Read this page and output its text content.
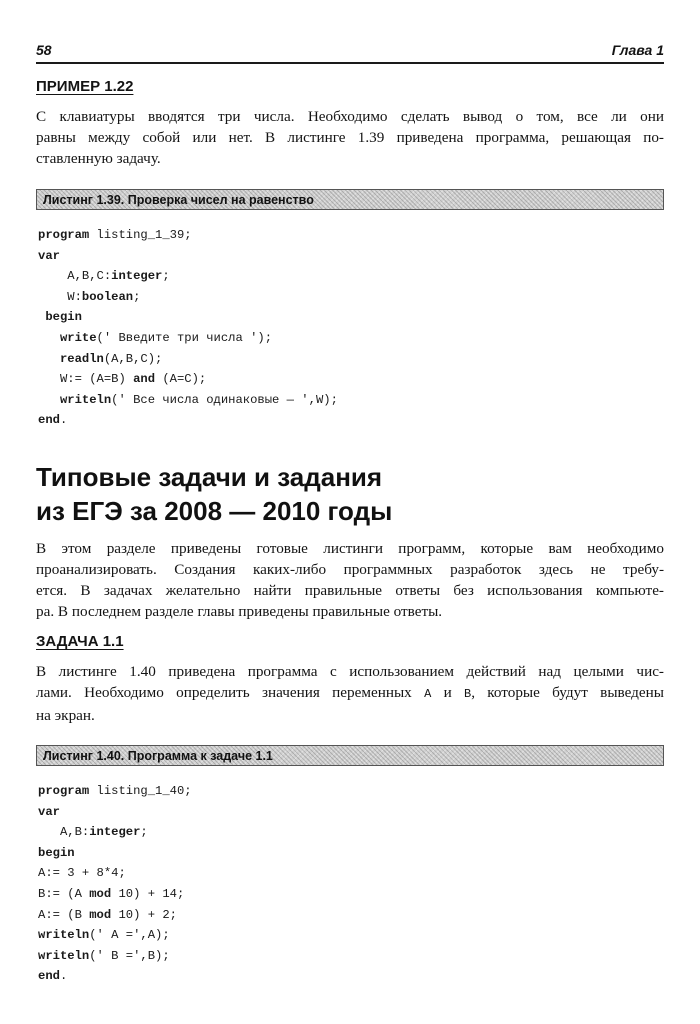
58	Глава 1
ПРИМЕР 1.22
С клавиатуры вводятся три числа. Необходимо сделать вывод о том, все ли они
равны между собой или нет. В листинге 1.39 приведена программа, решающая по-
ставленную задачу.
Листинг 1.39. Проверка чисел на равенство
program listing_1_39;
var
A,B,C:integer;
W:boolean;
begin
write(' Введите три числа ');
readln(A,B,C);
W:= (A=B) and (A=C);
writeln(' Все числа одинаковые — ',W);
end.
Типовые задачи и задания
из ЕГЭ за 2008 — 2010 годы
В этом разделе приведены готовые листинги программ, которые вам необходимо
проанализировать. Создания каких-либо программных разработок здесь не требу-
ется. В задачах желательно найти правильные ответы без использования компьюте-
ра. В последнем разделе главы приведены правильные ответы.
ЗАДАЧА 1.1
В листинге 1.40 приведена программа с использованием действий над целыми чис-
лами. Необходимо определить значения переменных A и B, которые будут выведены
на экран.
Листинг 1.40. Программа к задаче 1.1
program listing_1_40;
var
A,B:integer;
begin
A:= 3 + 8*4;
B:= (A mod 10) + 14;
A:= (B mod 10) + 2;
writeln(' A =',A);
writeln(' B =',B);
end.
